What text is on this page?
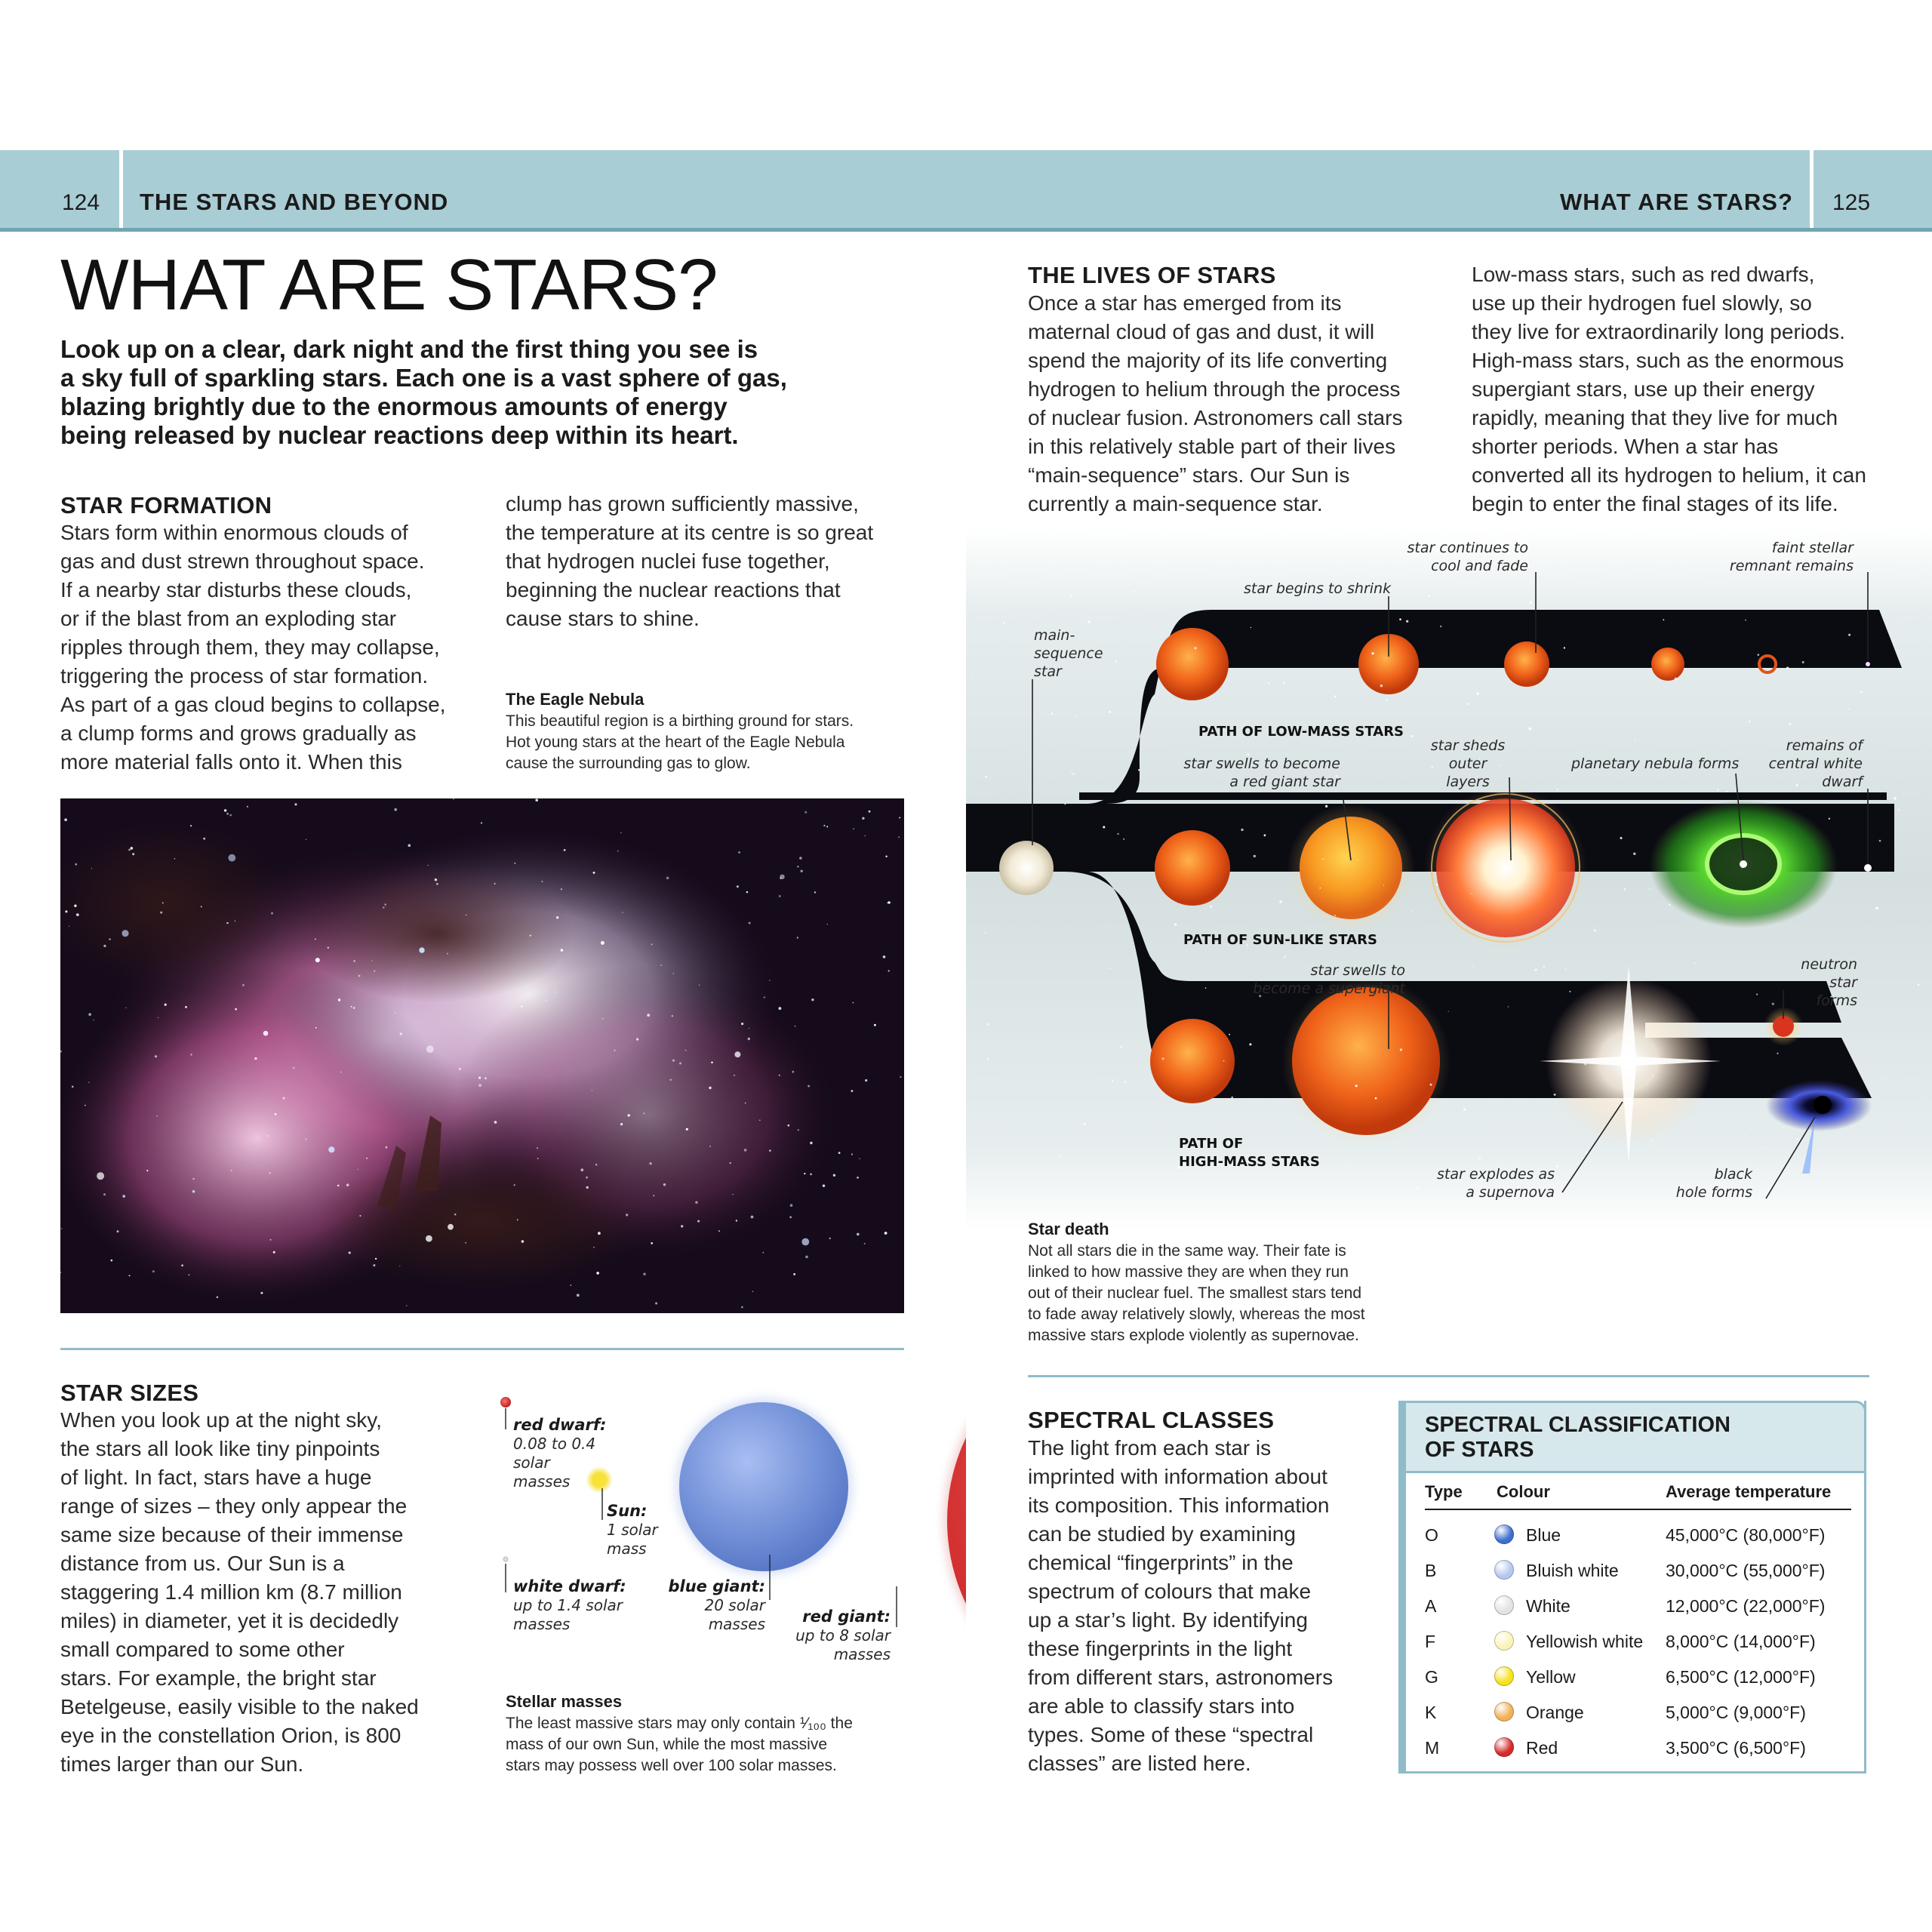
124 THE STARS AND BEYOND	WHAT ARE STARS? 125
WHAT ARE STARS?
Look up on a clear, dark night and the first thing you see is
a sky full of sparkling stars. Each one is a vast sphere of gas,
blazing brightly due to the enormous amounts of energy
being released by nuclear reactions deep within its heart.
STAR FORMATION
Stars form within enormous clouds of
gas and dust strewn throughout space.
If a nearby star disturbs these clouds,
or if the blast from an exploding star
ripples through them, they may collapse,
triggering the process of star formation.
As part of a gas cloud begins to collapse,
a clump forms and grows gradually as
more material falls onto it. When this
clump has grown sufficiently massive,
the temperature at its centre is so great
that hydrogen nuclei fuse together,
beginning the nuclear reactions that
cause stars to shine.
The Eagle Nebula
This beautiful region is a birthing ground for stars.
Hot young stars at the heart of the Eagle Nebula
cause the surrounding gas to glow.
THE LIVES OF STARS
Once a star has emerged from its
maternal cloud of gas and dust, it will
spend the majority of its life converting
hydrogen to helium through the process
of nuclear fusion. Astronomers call stars
in this relatively stable part of their lives
“main-sequence” stars. Our Sun is
currently a main-sequence star.
Low-mass stars, such as red dwarfs,
use up their hydrogen fuel slowly, so
they live for extraordinarily long periods.
High-mass stars, such as the enormous
supergiant stars, use up their energy
rapidly, meaning that they live for much
shorter periods. When a star has
converted all its hydrogen to helium, it can
begin to enter the final stages of its life.
main-
sequence
star
star begins to shrink
star continues to
cool and fade
faint stellar
remnant remains
PATH OF LOW-MASS STARS
star swells to become
a red giant star
star sheds
outer layers
planetary nebula forms
remains of
central white
dwarf
PATH OF SUN-LIKE STARS
star swells to
become a supergiant
neutron
star forms
PATH OF
HIGH-MASS STARS
star explodes as
a supernova
black
hole forms
Star death
Not all stars die in the same way. Their fate is
linked to how massive they are when they run
out of their nuclear fuel. The smallest stars tend
to fade away relatively slowly, whereas the most
massive stars explode violently as supernovae.
STAR SIZES
When you look up at the night sky,
the stars all look like tiny pinpoints
of light. In fact, stars have a huge
range of sizes – they only appear the
same size because of their immense
distance from us. Our Sun is a
staggering 1.4 million km (8.7 million
miles) in diameter, yet it is decidedly
small compared to some other
stars. For example, the bright star
Betelgeuse, easily visible to the naked
eye in the constellation Orion, is 800
times larger than our Sun.
red dwarf:
0.08 to 0.4
solar
masses
Sun:
1 solar
mass
white dwarf:
up to 1.4 solar
masses
blue giant:
20 solar
masses	red giant:
up to 8 solar
masses
Stellar masses
The least massive stars may only contain ¹⁄₁₀₀ the
mass of our own Sun, while the most massive
stars may possess well over 100 solar masses.
SPECTRAL CLASSES
The light from each star is
imprinted with information about
its composition. This information
can be studied by examining
chemical “fingerprints” in the
spectrum of colours that make
up a star’s light. By identifying
these fingerprints in the light
from different stars, astronomers
are able to classify stars into
types. Some of these “spectral
classes” are listed here.
SPECTRAL CLASSIFICATION
OF STARS
Type Colour	Average temperature
O	Blue	45,000°C (80,000°F)
B	Bluish white	30,000°C (55,000°F)
A	White	12,000°C (22,000°F)
F	Yellowish white 8,000°C (14,000°F)
G	Yellow	6,500°C (12,000°F)
K	Orange	5,000°C (9,000°F)
M	Red	3,500°C (6,500°F)
